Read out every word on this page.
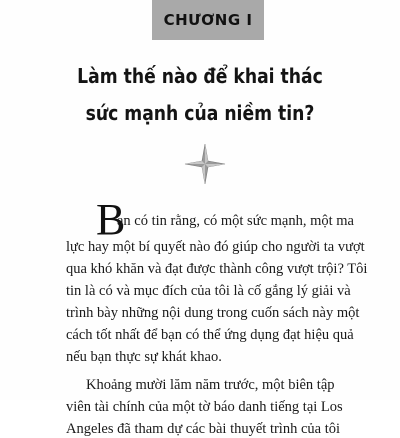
CHƯƠNG I
Làm thế nào để khai thác
sức mạnh của niềm tin?
B
ạn có tin rằng, có một sức mạnh, một ma
lực hay một bí quyết nào đó giúp cho người ta vượt
qua khó khăn và đạt được thành công vượt trội? Tôi
tin là có và mục đích của tôi là cố gắng lý giải và
trình bày những nội dung trong cuốn sách này một
cách tốt nhất để bạn có thể ứng dụng đạt hiệu quả
nếu bạn thực sự khát khao.
Khoảng mười lăm năm trước, một biên tập
viên tài chính của một tờ báo danh tiếng tại Los
Angeles đã tham dự các bài thuyết trình của tôi
